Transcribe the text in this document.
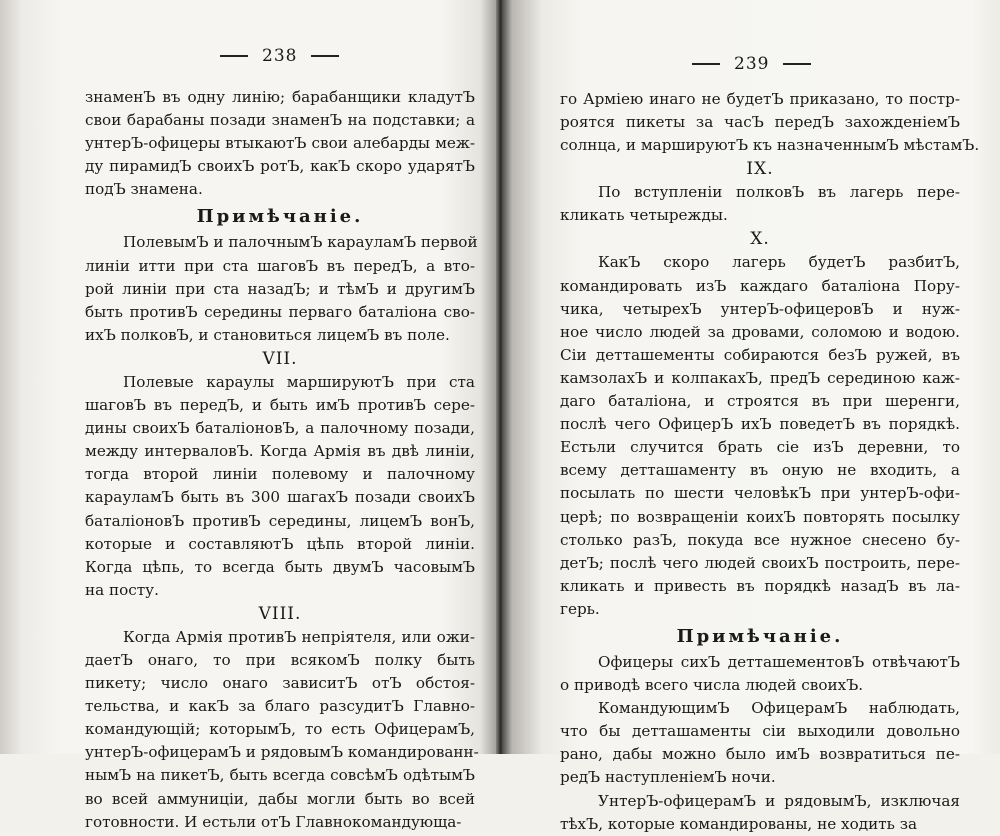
238
знаменЪ въ одну линію; барабанщики кладутЪ
свои барабаны позади знаменЪ на подставки; а
унтерЪ-офицеры втыкаютЪ свои алебарды меж-
ду пирамидЪ своихЪ ротЪ, какЪ скоро ударятЪ
подЪ знамена.
Примѣчаніе.
ПолевымЪ и палочнымЪ карауламЪ первой
линіи итти при ста шаговЪ въ передЪ, а вто-
рой линіи при ста назадЪ; и тѣмЪ и другимЪ
быть противЪ середины перваго баталіона сво-
ихЪ полковЪ, и становиться лицемЪ въ поле.
VII.
Полевые караулы маршируютЪ при ста
шаговЪ въ передЪ, и быть имЪ противЪ сере-
дины своихЪ баталіоновЪ, а палочному позади,
между интерваловЪ. Когда Армія въ двѣ линіи,
тогда второй линіи полевому и палочному
карауламЪ быть въ 300 шагахЪ позади своихЪ
баталіоновЪ противЪ середины, лицемЪ вонЪ,
которые и составляютЪ цѣпь второй линіи.
Когда цѣпь, то всегда быть двумЪ часовымЪ
на посту.
VIII.
Когда Армія противЪ непріятеля, или ожи-
даетЪ онаго, то при всякомЪ полку быть
пикету; число онаго зависитЪ отЪ обстоя-
тельства, и какЪ за благо разсудитЪ Главно-
командующій; которымЪ, то есть ОфицерамЪ,
унтерЪ-офицерамЪ и рядовымЪ командированн-
нымЪ на пикетЪ, быть всегда совсѣмЪ одѣтымЪ
во всей аммуниціи, дабы могли быть во всей
готовности. И естьли отЪ Главнокомандующа-
239
го Арміею инаго не будетЪ приказано, то постр-
роятся пикеты за часЪ передЪ захожденіемЪ
солнца, и маршируютЪ къ назначеннымЪ мѣстамЪ.
IX.
По вступленіи полковЪ въ лагерь пере-
кликать четырежды.
X.
КакЪ скоро лагерь будетЪ разбитЪ,
командировать изЪ каждаго баталіона Пору-
чика, четырехЪ унтерЪ-офицеровЪ и нуж-
ное число людей за дровами, соломою и водою.
Сіи детташементы собираются безЪ ружей, въ
камзолахЪ и колпакахЪ, предЪ серединою каж-
даго баталіона, и строятся въ при шеренги,
послѣ чего ОфицерЪ ихЪ поведетЪ въ порядкѣ.
Естьли случится брать сіе изЪ деревни, то
всему детташаменту въ оную не входить, а
посылать по шести человѣкЪ при унтерЪ-офи-
церѣ; по возвращеніи коихЪ повторять посылку
столько разЪ, покуда все нужное снесено бу-
детЪ; послѣ чего людей своихЪ построить, пере-
кликать и привесть въ порядкѣ назадЪ въ ла-
герь.
Примѣчаніе.
Офицеры сихЪ детташементовЪ отвѣчаютЪ
о приводѣ всего числа людей своихЪ.
КомандующимЪ ОфицерамЪ наблюдать,
что бы детташаменты сіи выходили довольно
рано, дабы можно было имЪ возвратиться пе-
редЪ наступленіемЪ ночи.
УнтерЪ-офицерамЪ и рядовымЪ, изключая
тѣхЪ, которые командированы, не ходить за
